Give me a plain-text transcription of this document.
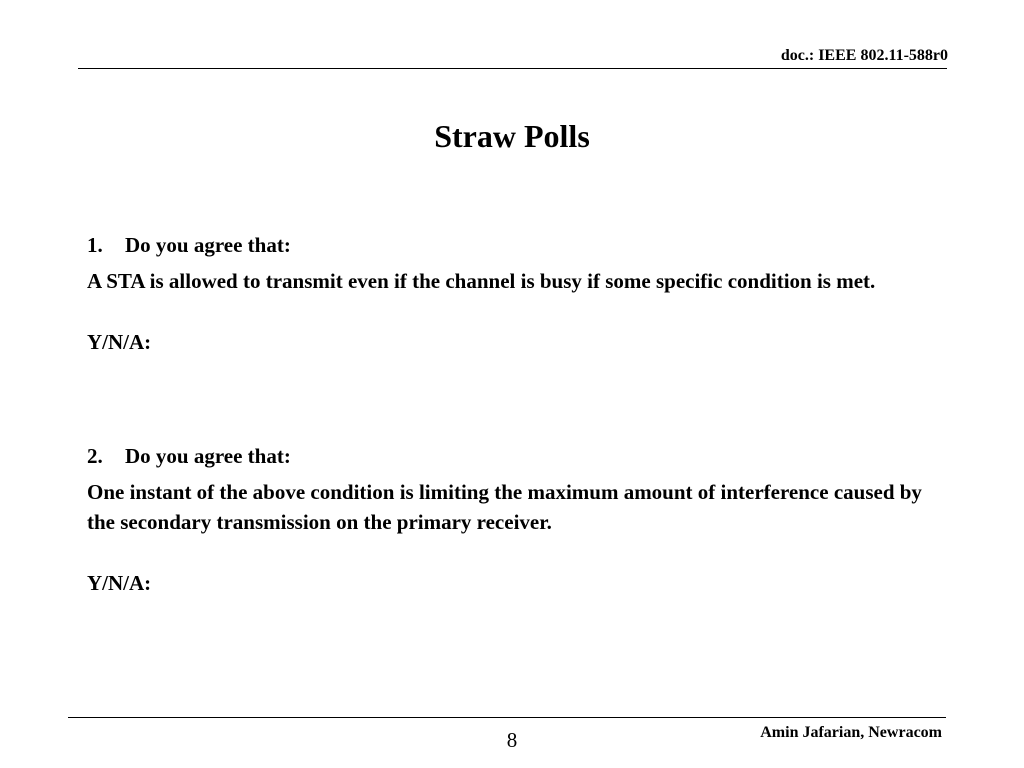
doc.: IEEE 802.11-588r0
Straw Polls
1.	Do you agree that:

A STA is allowed to transmit even if the channel is busy if some specific condition is met.

Y/N/A:

2.	Do you agree that:

One instant of the above condition is limiting the maximum amount of interference caused by the secondary transmission on the primary receiver.

Y/N/A:

8	Amin Jafarian, Newracom
